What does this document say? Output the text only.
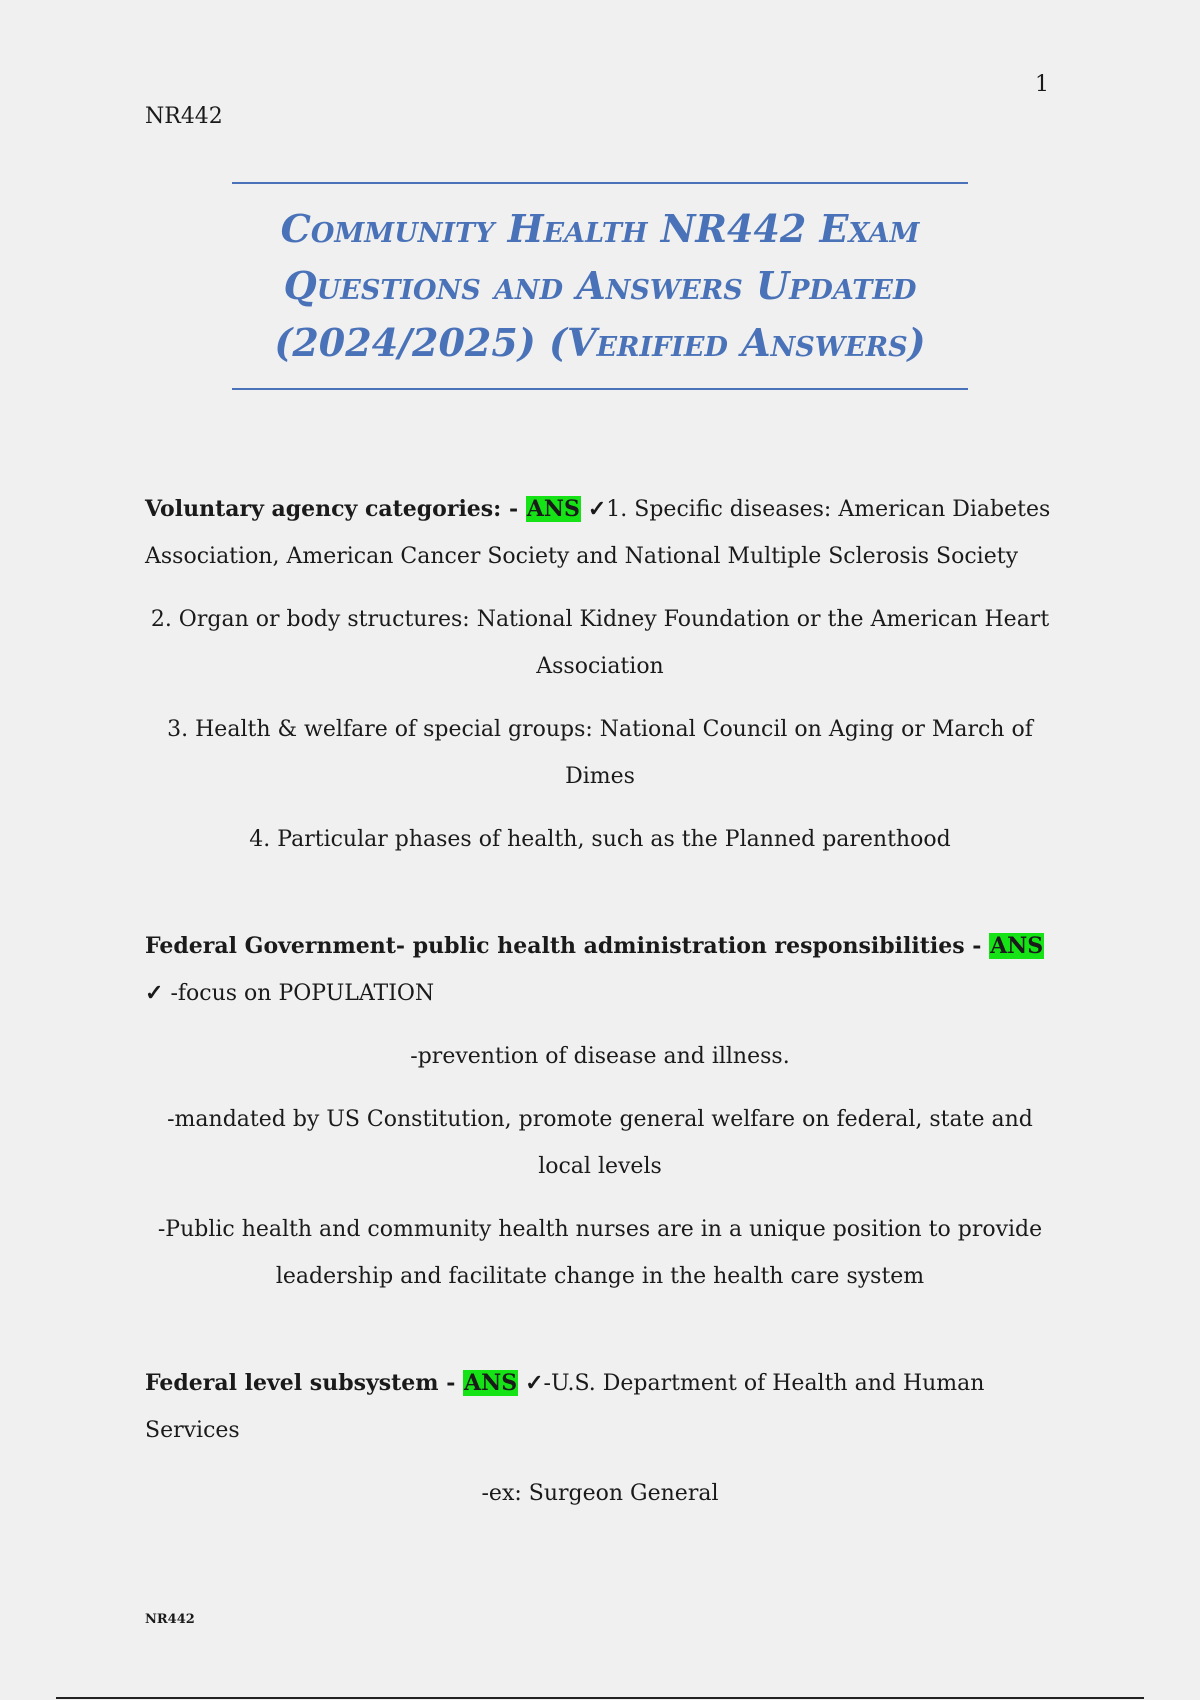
1
NR442
Community Health NR442 Exam
Questions and Answers Updated
(2024/2025) (Verified Answers)

Voluntary agency categories: - ANS ✓1. Specific diseases: American Diabetes Association, American Cancer Society and National Multiple Sclerosis Society

2. Organ or body structures: National Kidney Foundation or the American Heart Association

3. Health & welfare of special groups: National Council on Aging or March of Dimes

4. Particular phases of health, such as the Planned parenthood

Federal Government- public health administration responsibilities - ANS ✓ -focus on POPULATION

-prevention of disease and illness.

-mandated by US Constitution, promote general welfare on federal, state and local levels

-Public health and community health nurses are in a unique position to provide leadership and facilitate change in the health care system

Federal level subsystem - ANS ✓-U.S. Department of Health and Human Services

-ex: Surgeon General

NR442
